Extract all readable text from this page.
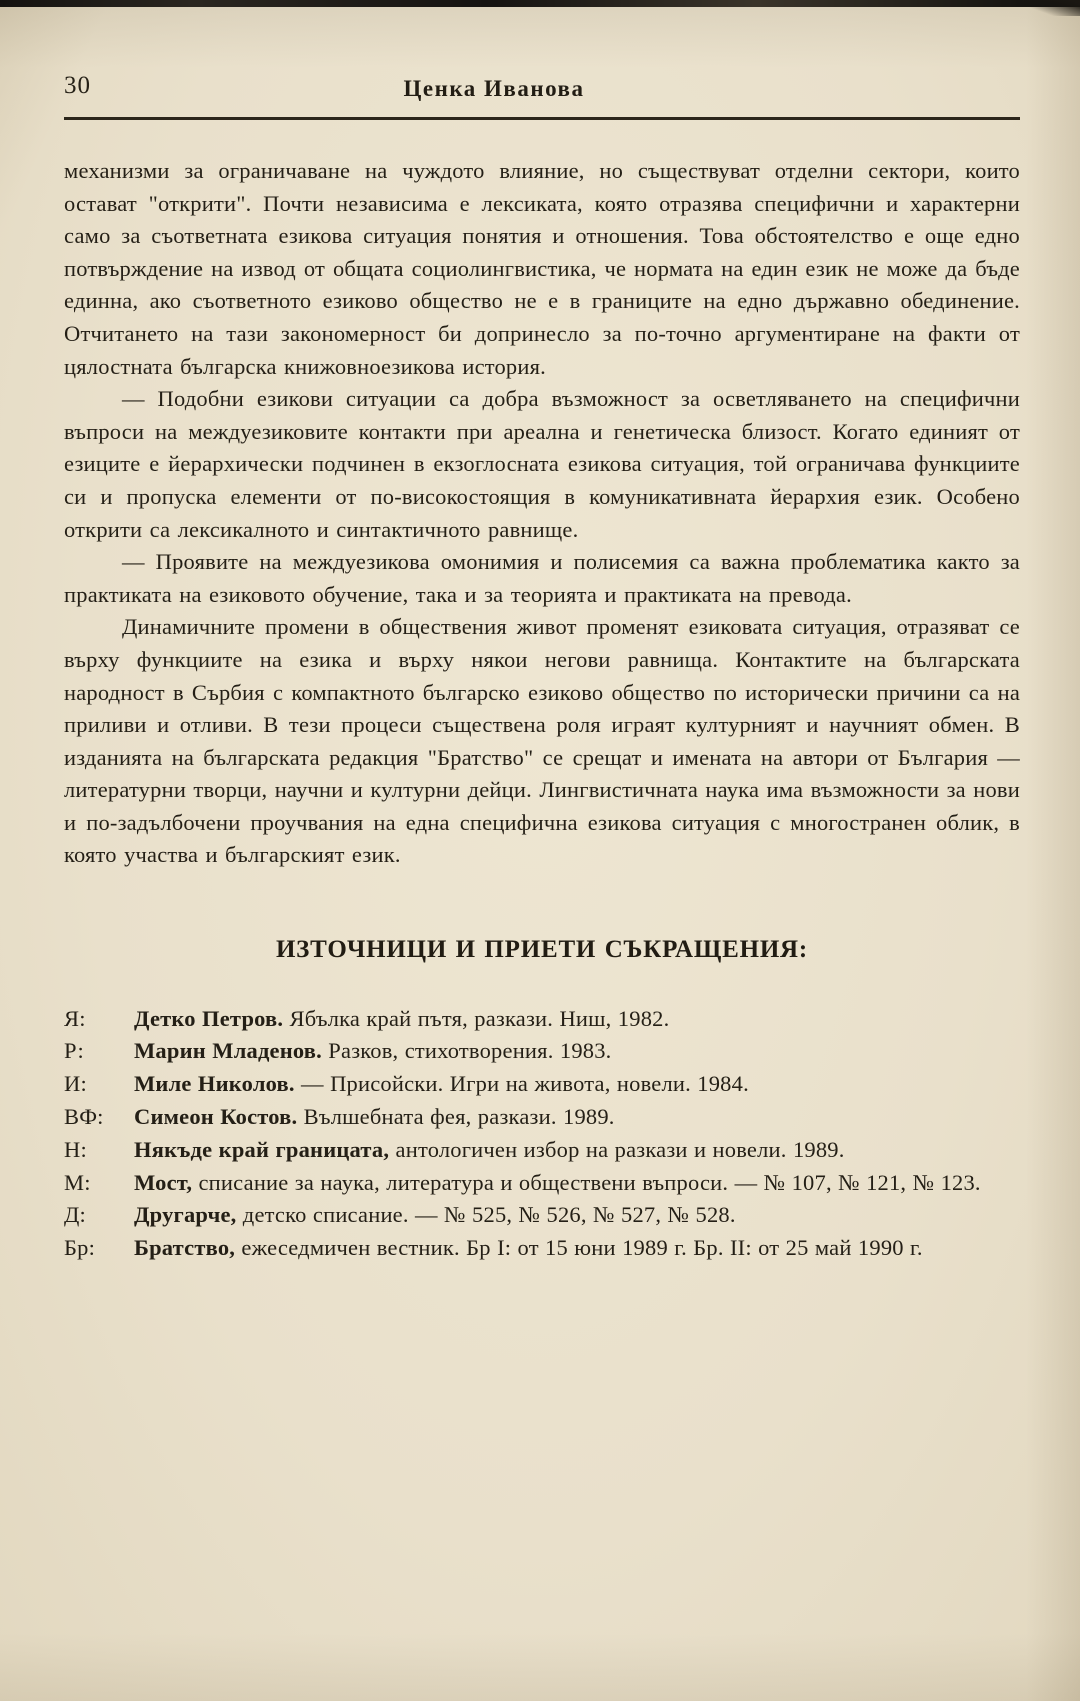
30	Ценка Иванова

механизми за ограничаване на чуждото влияние, но съществуват отделни сектори, които остават "открити". Почти независима е лексиката, която отразява специфични и характерни само за съответната езикова ситуация понятия и отношения. Това обстоятелство е още едно потвърждение на извод от общата социолингвистика, че нормата на един език не може да бъде единна, ако съответното езиково общество не е в границите на едно държавно обединение. Отчитането на тази закономерност би допринесло за по-точно аргументиране на факти от цялостната българска книжовноезикова история.

— Подобни езикови ситуации са добра възможност за осветляването на специфични въпроси на междуезиковите контакти при ареална и генетическа близост. Когато единият от езиците е йерархически подчинен в екзоглосната езикова ситуация, той ограничава функциите си и пропуска елементи от по-високостоящия в комуникативната йерархия език. Особено открити са лексикалното и синтактичното равнище.

— Проявите на междуезикова омонимия и полисемия са важна проблематика както за практиката на езиковото обучение, така и за теорията и практиката на превода.

Динамичните промени в обществения живот променят езиковата ситуация, отразяват се върху функциите на езика и върху някои негови равнища. Контактите на българската народност в Сърбия с компактното българско езиково общество по исторически причини са на приливи и отливи. В тези процеси съществена роля играят културният и научният обмен. В изданията на българската редакция "Братство" се срещат и имената на автори от България — литературни творци, научни и културни дейци. Лингвистичната наука има възможности за нови и по-задълбочени проучвания на една специфична езикова ситуация с многостранен облик, в която участва и българският език.

ИЗТОЧНИЦИ И ПРИЕТИ СЪКРАЩЕНИЯ:
Я:	Детко Петров. Ябълка край пътя, разкази. Ниш, 1982.
Р:	Марин Младенов. Разков, стихотворения. 1983.
И:	Миле Николов. — Присойски. Игри на живота, новели. 1984.
ВФ:	Симеон Костов. Вълшебната фея, разкази. 1989.
Н:	Някъде край границата, антологичен избор на разкази и новели. 1989.
М:	Мост, списание за наука, литература и обществени въпроси. — № 107, № 121, № 123.
Д:	Другарче, детско списание. — № 525, № 526, № 527, № 528.
Бр:	Братство, ежеседмичен вестник. Бр I: от 15 юни 1989 г. Бр. II: от 25 май 1990 г.
